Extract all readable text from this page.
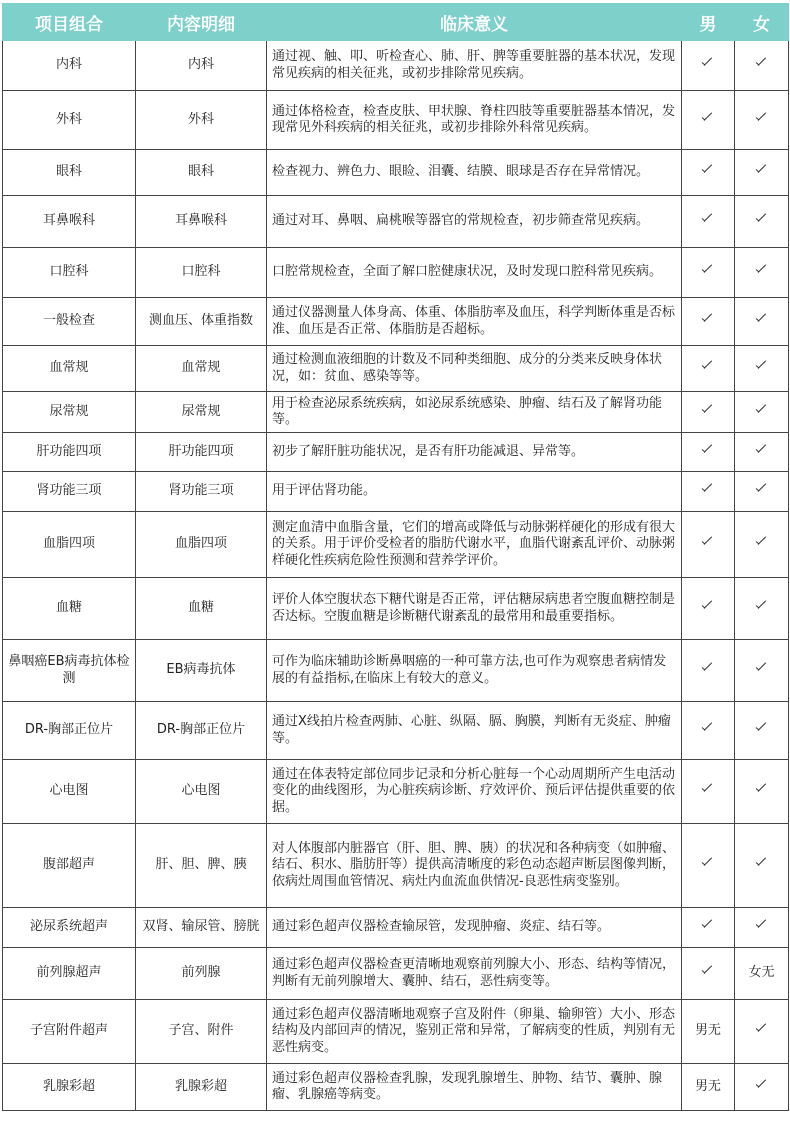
项目组合	内容明细	临床意义	男	女
内科	内科	通过视、触、叩、听检查心、肺、肝、脾等重要脏器的基本状况，发现常见疾病的相关征兆，或初步排除常见疾病。		
外科	外科	通过体格检查，检查皮肤、甲状腺、脊柱四肢等重要脏器基本情况，发现常见外科疾病的相关征兆，或初步排除外科常见疾病。		
眼科	眼科	检查视力、辨色力、眼睑、泪囊、结膜、眼球是否存在异常情况。		
耳鼻喉科	耳鼻喉科	通过对耳、鼻咽、扁桃喉等器官的常规检查，初步筛查常见疾病。		
口腔科	口腔科	口腔常规检查，全面了解口腔健康状况，及时发现口腔科常见疾病。		
一般检查	测血压、体重指数	通过仪器测量人体身高、体重、体脂肪率及血压，科学判断体重是否标准、血压是否正常、体脂肪是否超标。		
血常规	血常规	通过检测血液细胞的计数及不同种类细胞、成分的分类来反映身体状况，如：贫血、感染等等。		
尿常规	尿常规	用于检查泌尿系统疾病，如泌尿系统感染、肿瘤、结石及了解肾功能等。		
肝功能四项	肝功能四项	初步了解肝脏功能状况，是否有肝功能减退、异常等。		
肾功能三项	肾功能三项	用于评估肾功能。		
血脂四项	血脂四项	测定血清中血脂含量，它们的增高或降低与动脉粥样硬化的形成有很大的关系。用于评价受检者的脂肪代谢水平，血脂代谢紊乱评价、动脉粥样硬化性疾病危险性预测和营养学评价。		
血糖	血糖	评价人体空腹状态下糖代谢是否正常，评估糖尿病患者空腹血糖控制是否达标。空腹血糖是诊断糖代谢紊乱的最常用和最重要指标。		
鼻咽癌EB病毒抗体检测	EB病毒抗体	可作为临床辅助诊断鼻咽癌的一种可靠方法,也可作为观察患者病情发展的有益指标,在临床上有较大的意义。		
DR-胸部正位片	DR-胸部正位片	通过X线拍片检查两肺、心脏、纵隔、膈、胸膜，判断有无炎症、肿瘤等。		
心电图	心电图	通过在体表特定部位同步记录和分析心脏每一个心动周期所产生电活动变化的曲线图形，为心脏疾病诊断、疗效评价、预后评估提供重要的依据。		
腹部超声	肝、胆、脾、胰	对人体腹部内脏器官（肝、胆、脾、胰）的状况和各种病变（如肿瘤、结石、积水、脂肪肝等）提供高清晰度的彩色动态超声断层图像判断，依病灶周围血管情况、病灶内血流血供情况-良恶性病变鉴别。		
泌尿系统超声	双肾、输尿管、膀胱	通过彩色超声仪器检查输尿管，发现肿瘤、炎症、结石等。		
前列腺超声	前列腺	通过彩色超声仪器检查更清晰地观察前列腺大小、形态、结构等情况，判断有无前列腺增大、囊肿、结石，恶性病变等。		女无
子宫附件超声	子宫、附件	通过彩色超声仪器清晰地观察子宫及附件（卵巢、输卵管）大小、形态结构及内部回声的情况，鉴别正常和异常，了解病变的性质，判别有无恶性病变。	男无	
乳腺彩超	乳腺彩超	通过彩色超声仪器检查乳腺，发现乳腺增生、肿物、结节、囊肿、腺瘤、乳腺癌等病变。	男无	
